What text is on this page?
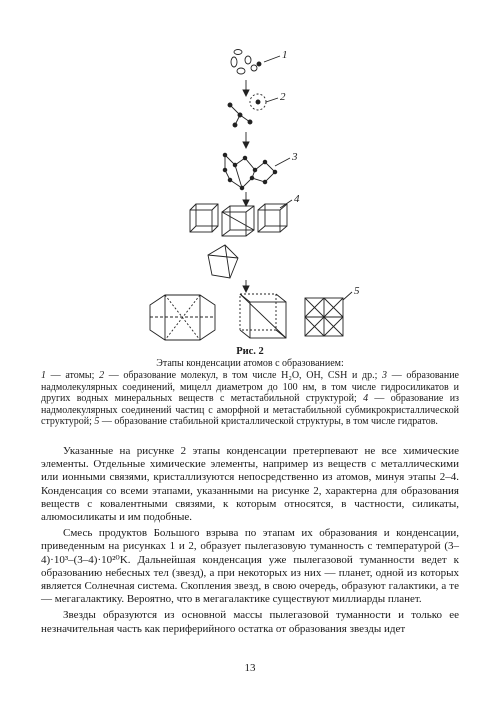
1
2
3
4
5
Рис. 2
Этапы конденсации атомов с образованием:
1 — атомы; 2 — образование молекул, в том числе H₂O, OH, CSH и др.; 3 — образование надмолекулярных соединений, мицелл диаметром до 100 нм, в том числе гидросиликатов и других водных минеральных веществ с метастабильной структурой; 4 — образование из надмолекулярных соединений частиц с аморфной и метастабильной субмикрокристаллической структурой; 5 — образование стабильной кристаллической структуры, в том числе гидратов.

Указанные на рисунке 2 этапы конденсации претерпевают не все химические элементы. Отдельные химические элементы, например из веществ с металлическими или ионными связями, кристаллизуются непосредственно из атомов, минуя этапы 2–4. Конденсация со всеми этапами, указанными на рисунке 2, характерна для образования веществ с ковалентными связями, к которым относятся, в частности, силикаты, алюмосиликаты и им подобные.

Смесь продуктов Большого взрыва по этапам их образования и конденсации, приведенным на рисунках 1 и 2, образует пылегазовую туманность с температурой (3–4)·10³–(3–4)·10²⁰K. Дальнейшая конденсация уже пылегазовой туманности ведет к образованию небесных тел (звезд), а при некоторых из них — планет, одной из которых является Солнечная система. Скопления звезд, в свою очередь, образуют галактики, а те — мегагалактику. Вероятно, что в мегагалактике существуют миллиарды планет.

Звезды образуются из основной массы пылегазовой туманности и только ее незначительная часть как периферийного остатка от образования звезды идет

13
